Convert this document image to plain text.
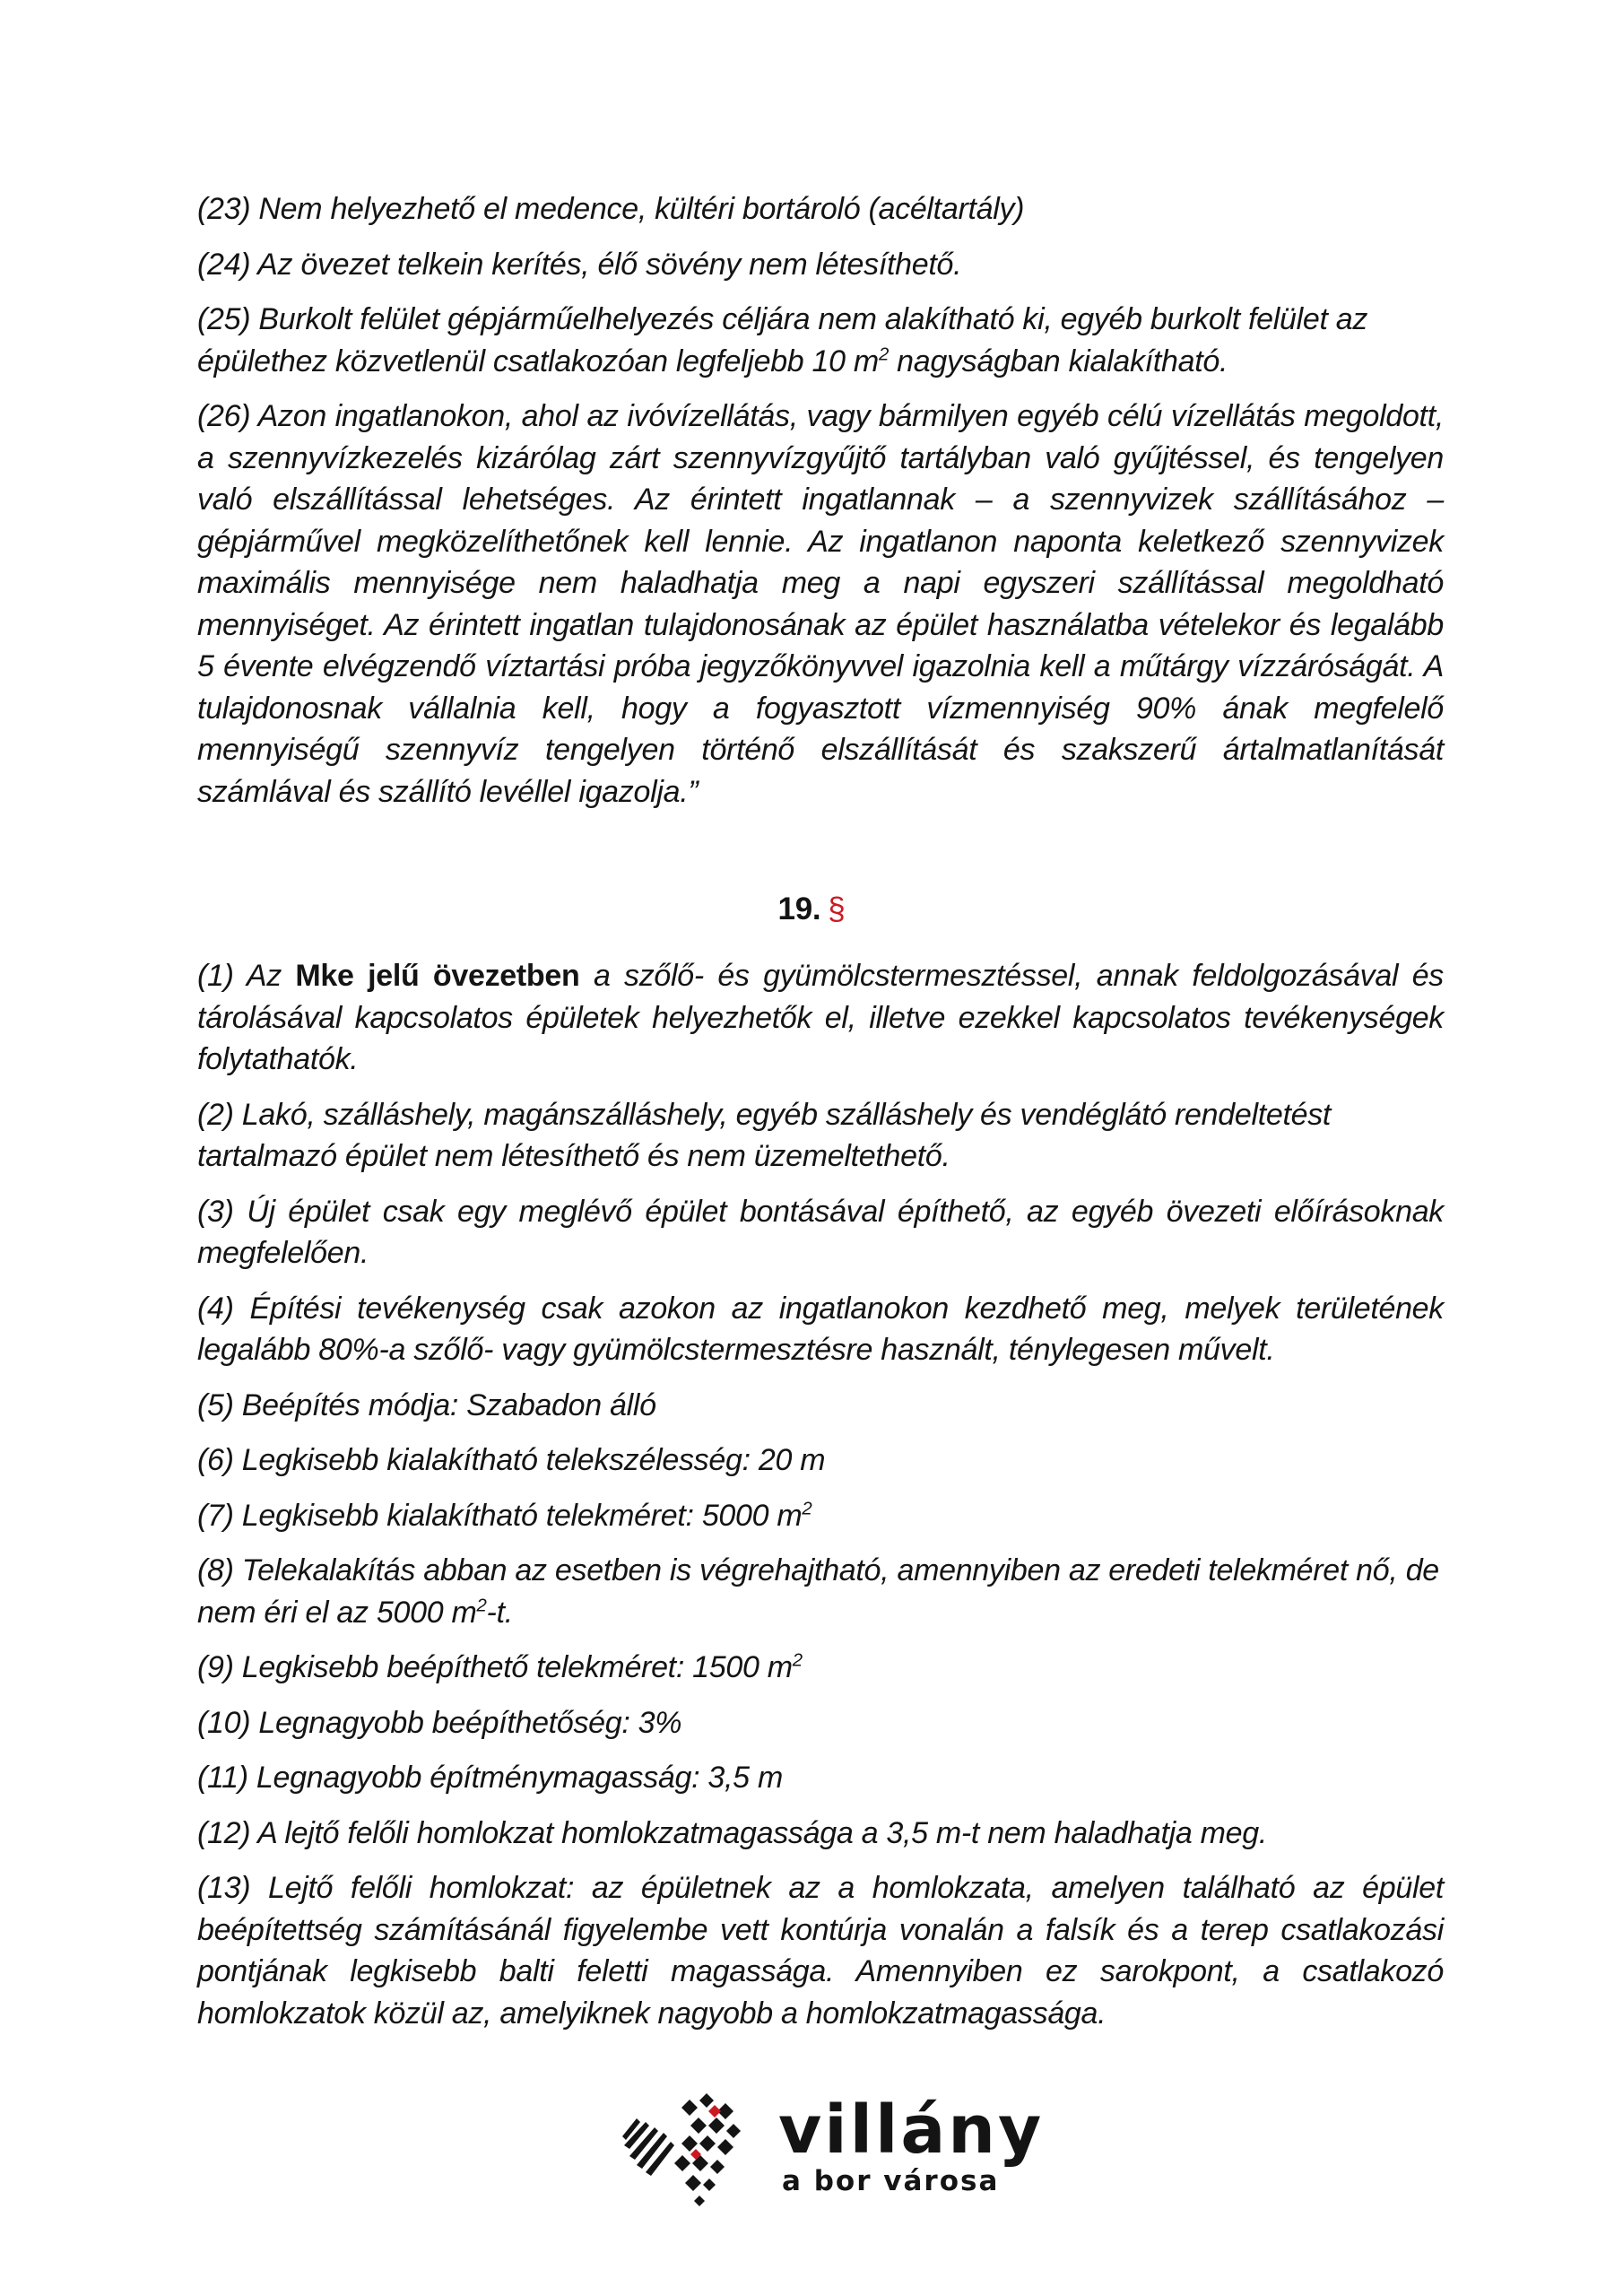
(23) Nem helyezhető el medence, kültéri bortároló (acéltartály)

(24) Az övezet telkein kerítés, élő sövény nem létesíthető.

(25) Burkolt felület gépjárműelhelyezés céljára nem alakítható ki, egyéb burkolt felület az épülethez közvetlenül csatlakozóan legfeljebb 10 $m^2$ nagyságban kialakítható.

(26) Azon ingatlanokon, ahol az ivóvízellátás, vagy bármilyen egyéb célú vízellátás megoldott, a szennyvízkezelés kizárólag zárt szennyvízgyűjtő tartályban való gyűjtéssel, és tengelyen való elszállítással lehetséges. Az érintett ingatlannak – a szennyvizek szállításához – gépjárművel megközelíthetőnek kell lennie. Az ingatlanon naponta keletkező szennyvizek maximális mennyisége nem haladhatja meg a napi egyszeri szállítással megoldható mennyiséget. Az érintett ingatlan tulajdonosának az épület használatba vételekor és legalább 5 évente elvégzendő víztartási próba jegyzőkönyvvel igazolnia kell a műtárgy vízzáróságát. A tulajdonosnak vállalnia kell, hogy a fogyasztott vízmennyiség 90% ának megfelelő mennyiségű szennyvíz tengelyen történő elszállítását és szakszerű ártalmatlanítását számlával és szállító levéllel igazolja.”

19. §

(1) Az Mke jelű övezetben a szőlő- és gyümölcstermesztéssel, annak feldolgozásával és tárolásával kapcsolatos épületek helyezhetők el, illetve ezekkel kapcsolatos tevékenységek folytathatók.

(2) Lakó, szálláshely, magánszálláshely, egyéb szálláshely és vendéglátó rendeltetést tartalmazó épület nem létesíthető és nem üzemeltethető.

(3) Új épület csak egy meglévő épület bontásával építhető, az egyéb övezeti előírásoknak megfelelően.

(4) Építési tevékenység csak azokon az ingatlanokon kezdhető meg, melyek területének legalább 80%-a szőlő- vagy gyümölcstermesztésre használt, ténylegesen művelt.

(5) Beépítés módja: Szabadon álló

(6) Legkisebb kialakítható telekszélesség: 20 m

(7) Legkisebb kialakítható telekméret: 5000 $m^2$

(8) Telekalakítás abban az esetben is végrehajtható, amennyiben az eredeti telekméret nő, de nem éri el az 5000 $m^2-t$.

(9) Legkisebb beépíthető telekméret: 1500 $m^2$

(10) Legnagyobb beépíthetőség: 3%

(11) Legnagyobb építménymagasság: 3,5 m

(12) A lejtő felőli homlokzat homlokzatmagassága a 3,5 m-t nem haladhatja meg.

(13) Lejtő felőli homlokzat: az épületnek az a homlokzata, amelyen található az épület beépítettség számításánál figyelembe vett kontúrja vonalán a falsík és a terep csatlakozási pontjának legkisebb balti feletti magassága. Amennyiben ez sarokpont, a csatlakozó homlokzatok közül az, amelyiknek nagyobb a homlokzatmagassága.

villány
a bor városa
